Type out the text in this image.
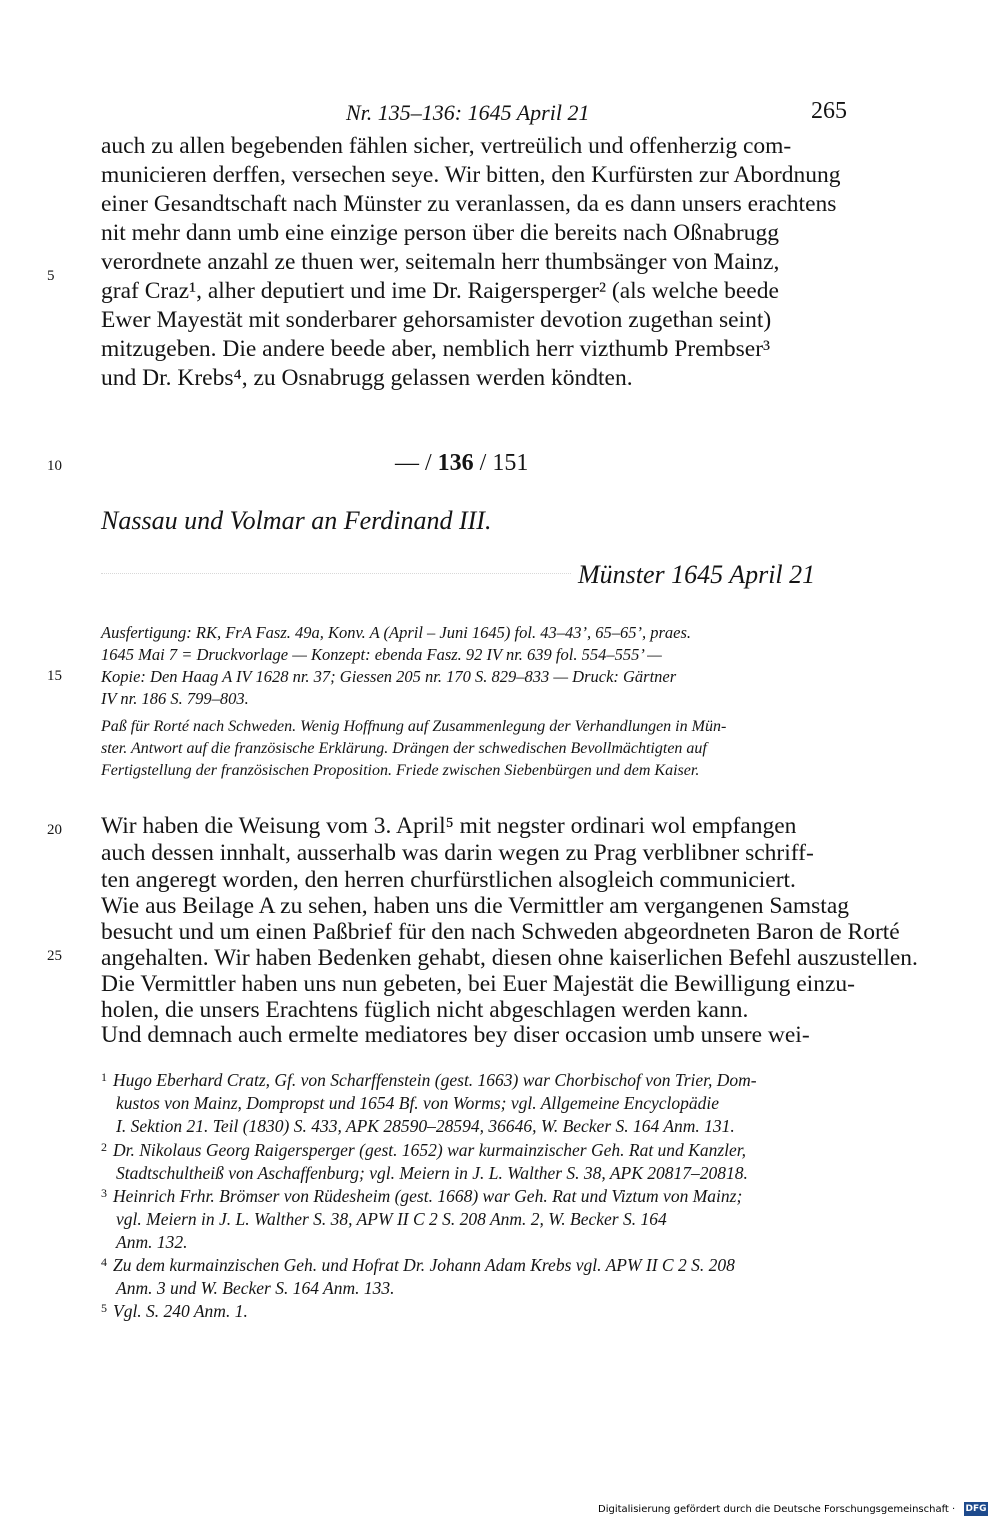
Nr. 135–136: 1645 April 21	265
auch zu allen begebenden fählen sicher, vertreülich und offenherzig com-
municieren derffen, versechen seye. Wir bitten, den Kurfürsten zur Abordnung
einer Gesandtschaft nach Münster zu veranlassen, da es dann unsers erachtens
nit mehr dann umb eine einzige person über die bereits nach Oßnabrugg
verordnete anzahl ze thuen wer, seitemaln herr thumbsänger von Mainz,
graf Craz¹, alher deputiert und ime Dr. Raigersperger² (als welche beede
Ewer Mayestät mit sonderbarer gehorsamister devotion zugethan seint)
mitzugeben. Die andere beede aber, nemblich herr vizthumb Prembser³
und Dr. Krebs⁴, zu Osnabrugg gelassen werden köndten.
5
10
15
20
25
— / 136 / 151
Nassau und Volmar an Ferdinand III.
Münster 1645 April 21
Ausfertigung: RK, FrA Fasz. 49a, Konv. A (April – Juni 1645) fol. 43–43’, 65–65’, praes.
1645 Mai 7 = Druckvorlage — Konzept: ebenda Fasz. 92 IV nr. 639 fol. 554–555’ —
Kopie: Den Haag A IV 1628 nr. 37; Giessen 205 nr. 170 S. 829–833 — Druck: Gärtner
IV nr. 186 S. 799–803.
Paß für Rorté nach Schweden. Wenig Hoffnung auf Zusammenlegung der Verhandlungen in Mün-
ster. Antwort auf die französische Erklärung. Drängen der schwedischen Bevollmächtigten auf
Fertigstellung der französischen Proposition. Friede zwischen Siebenbürgen und dem Kaiser.
Wir haben die Weisung vom 3. April⁵ mit negster ordinari wol empfangen
auch dessen innhalt, ausserhalb was darin wegen zu Prag verblibner schriff-
ten angeregt worden, den herren churfürstlichen alsogleich communiciert.
Wie aus Beilage A zu sehen, haben uns die Vermittler am vergangenen Samstag
besucht und um einen Paßbrief für den nach Schweden abgeordneten Baron de Rorté
angehalten. Wir haben Bedenken gehabt, diesen ohne kaiserlichen Befehl auszustellen.
Die Vermittler haben uns nun gebeten, bei Euer Majestät die Bewilligung einzu-
holen, die unsers Erachtens füglich nicht abgeschlagen werden kann.
Und demnach auch ermelte mediatores bey diser occasion umb unsere wei-
$^1$ Hugo Eberhard Cratz, Gf. von Scharffenstein (gest. 1663) war Chorbischof von Trier, Dom-
kustos von Mainz, Dompropst und 1654 Bf. von Worms; vgl. Allgemeine Encyclopädie
I. Sektion 21. Teil (1830) S. 433, APK 28590–28594, 36646, W. Becker S. 164 Anm. 131.
$^2$ Dr. Nikolaus Georg Raigersperger (gest. 1652) war kurmainzischer Geh. Rat und Kanzler,
Stadtschultheiß von Aschaffenburg; vgl. Meiern in J. L. Walther S. 38, APK 20817–20818.
$^3$ Heinrich Frhr. Brömser von Rüdesheim (gest. 1668) war Geh. Rat und Viztum von Mainz;
vgl. Meiern in J. L. Walther S. 38, APW II C 2 S. 208 Anm. 2, W. Becker S. 164
Anm. 132.
$^4$ Zu dem kurmainzischen Geh. und Hofrat Dr. Johann Adam Krebs vgl. APW II C 2 S. 208
Anm. 3 und W. Becker S. 164 Anm. 133.
$^5$ Vgl. S. 240 Anm. 1.
Digitalisierung gefördert durch die Deutsche Forschungsgemeinschaft · DFG
